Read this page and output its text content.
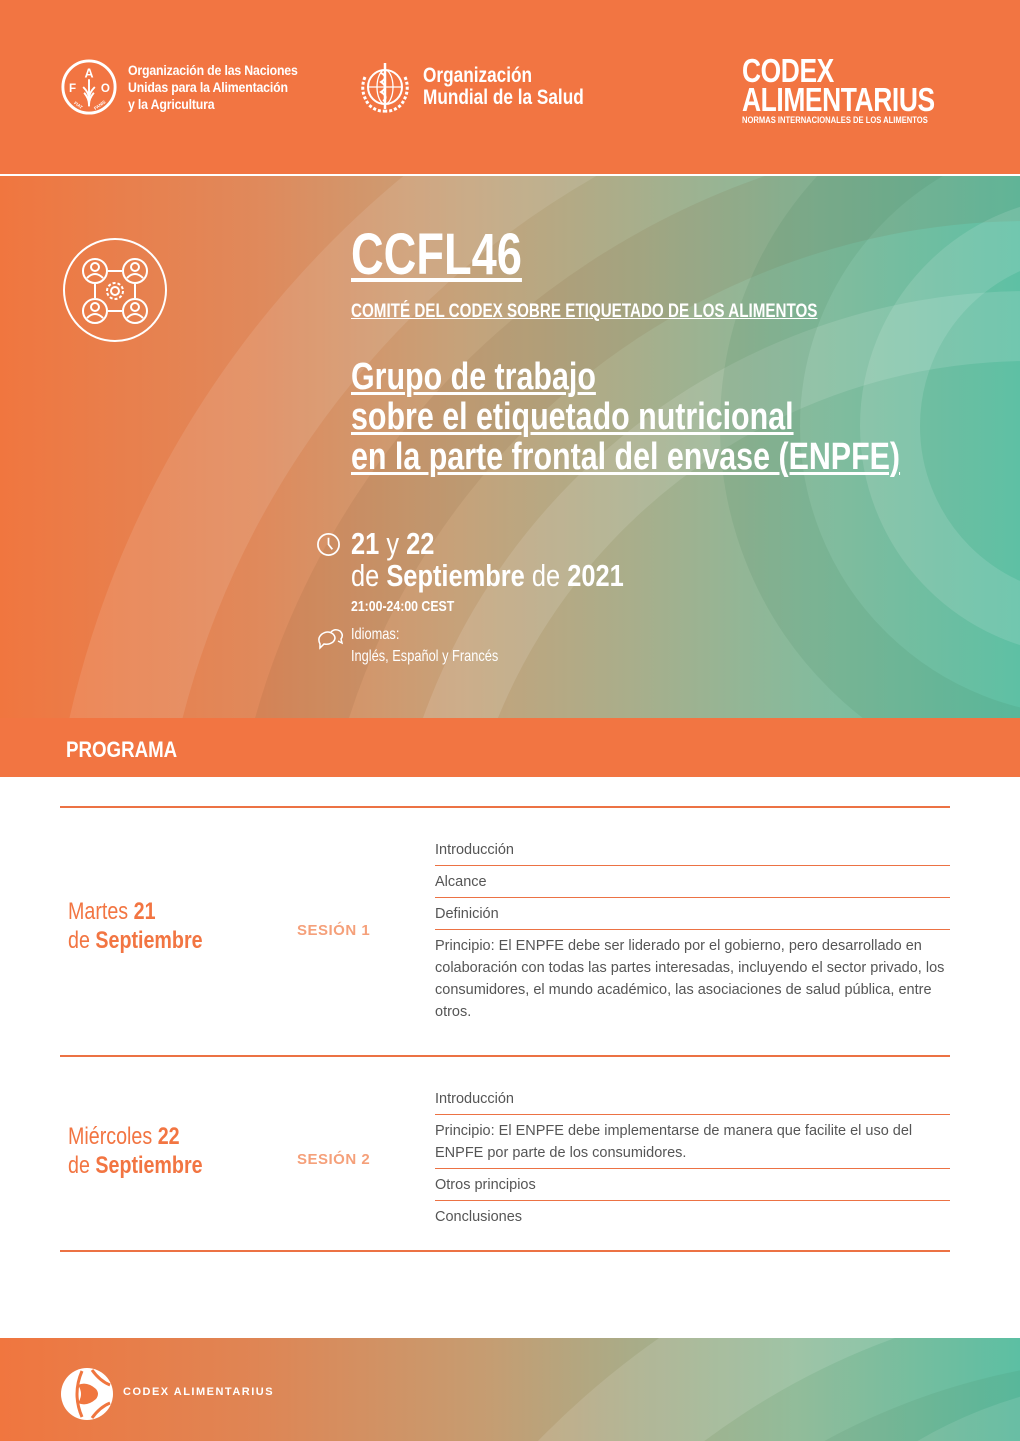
A
F O
FIAT PANIS
Organización de las Naciones
Unidas para la Alimentación
y la Agricultura
Organización
Mundial de la Salud
CODEX
ALIMENTARIUS
NORMAS INTERNACIONALES DE LOS ALIMENTOS
CCFL46
COMITÉ DEL CODEX SOBRE ETIQUETADO DE LOS ALIMENTOS
Grupo de trabajo
sobre el etiquetado nutricional
en la parte frontal del envase (ENPFE)
21 y 22
de Septiembre de 2021
21:00-24:00 CEST
Idiomas:
Inglés, Español y Francés
PROGRAMA
Martes 21
de Septiembre	SESIÓN 1
Introducción
Alcance
Definición
Principio: El ENPFE debe ser liderado por el gobierno, pero desarrollado en colaboración con todas las partes interesadas, incluyendo el sector privado, los consumidores, el mundo académico, las asociaciones de salud pública, entre otros.
Miércoles 22
de Septiembre	SESIÓN 2
Introducción
Principio: El ENPFE debe implementarse de manera que facilite el uso del ENPFE por parte de los consumidores.
Otros principios
Conclusiones
CODEX ALIMENTARIUS
